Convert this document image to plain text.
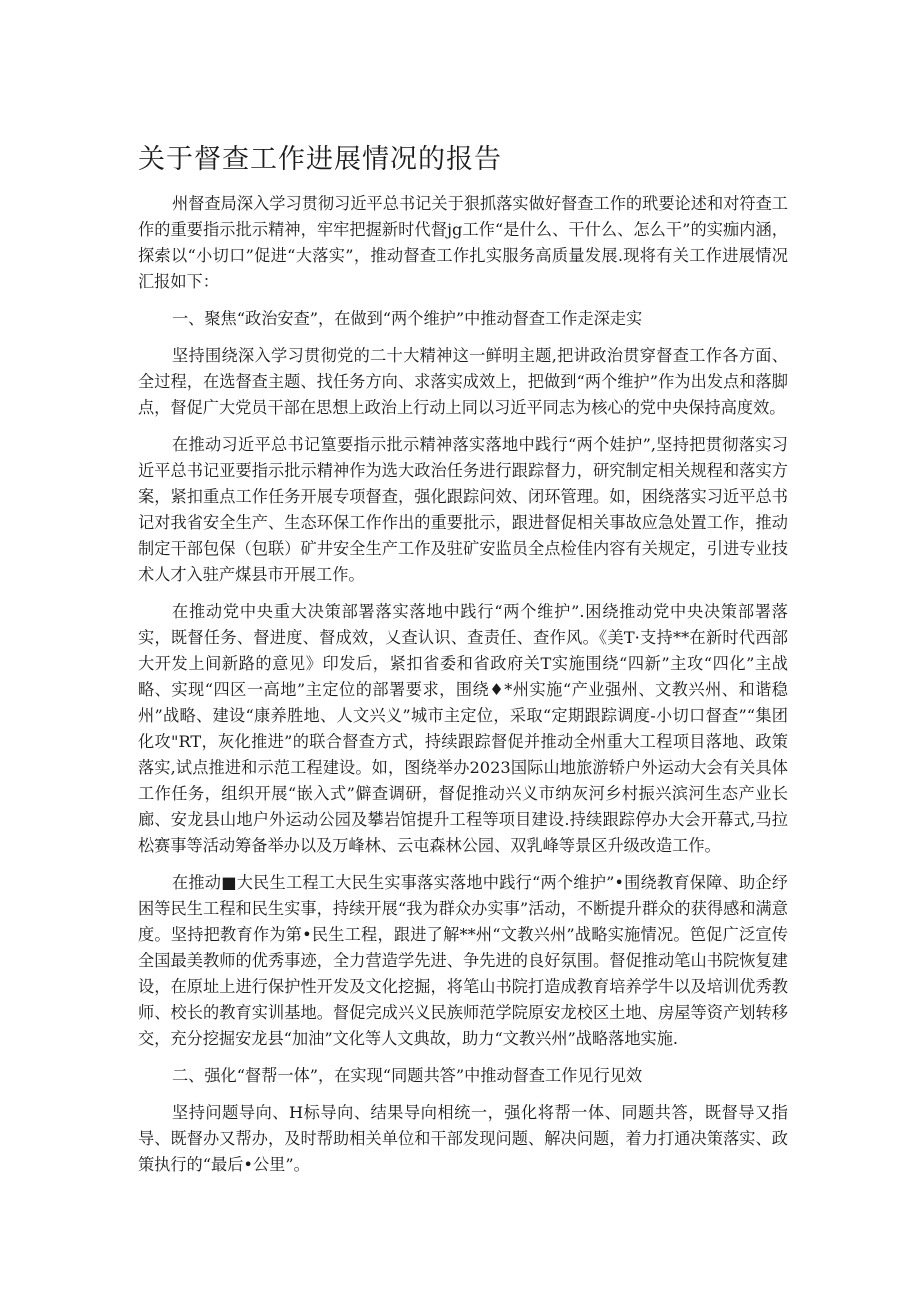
关于督查工作进展情况的报告

州督查局深入学习贯彻习近平总书记关于狠抓落实做好督查工作的玳要论述和对符查工作的重要指示批示精神，牢牢把握新时代督jg工作“是什么、干什么、怎么干”的实痂内涵，探索以“小切口”促进“大落实”，推动督查工作扎实服务高质量发展.现将有关工作进展情况汇报如下：

一、聚焦“政治安查”，在做到“两个维护”中推动督查工作走深走实

坚持围绕深入学习贯彻党的二十大精神这一鲜明主题,把讲政治贯穿督查工作各方面、全过程，在选督查主题、找任务方向、求落实成效上，把做到“两个维护”作为出发点和落脚点，督促广大党员干部在思想上政治上行动上同以习近平同志为核心的党中央保持高度效。

在推动习近平总书记篁要指示批示精神落实落地中践行“两个娃护”,坚持把贯彻落实习近平总书记亚要指示批示精神作为选大政治任务进行跟踪督力，研究制定相关规程和落实方案，紧扣重点工作任务开展专项督查，强化跟踪问效、闭环管理。如，困绕落实习近平总书记对我省安全生产、生态环保工作作出的重要批示，跟进督促相关事故应急处置工作，推动制定干部包保（包联）矿井安全生产工作及驻矿安监员全点检佳内容有关规定，引进专业技术人才入驻产煤县市开展工作。

在推动党中央重大决策部署落实落地中践行“两个维护”.困绕推动党中央决策部署落实，既督任务、督进度、督成效，乂查认识、查责任、查作风。《美T·支持**在新时代西部大开发上间新路的意见》印发后，紧扣省委和省政府关T实施围绕“四新”主攻“四化”主战略、实现“四区一高地”主定位的部署要求，围绕♦*州实施“产业强州、文教兴州、和谐稳州”战略、建设“康养胜地、人文兴义”城市主定位，采取“定期跟踪调度-小切口督查”“集团化攻"RT，灰化推进”的联合督查方式，持续跟踪督促并推动全州重大工程项目落地、政策落实,试点推进和示范工程建设。如，图绕举办2023国际山地旅游轿户外运动大会有关具体工作任务，组织开展“嵌入式”僻查调研，督促推动兴义市纳灰河乡村振兴滨河生态产业长廊、安龙县山地户外运动公园及攀岩馆提升工程等项目建设.持续跟踪停办大会开幕式,马拉松赛事等活动筹备举办以及万峰林、云屯森林公园、双乳峰等景区升级改造工作。

在推动■大民生工程工大民生实事落实落地中践行“两个维护”•围绕教育保障、助企纾困等民生工程和民生实事，持续开展“我为群众办实事”活动，不断提升群众的获得感和满意度。坚持把教育作为第•民生工程，跟进了解**州“文教兴州”战略实施情况。笆促广泛宣传全国最美教师的优秀事迹，全力营造学先进、争先进的良好氛围。督促推动笔山书院恢复建设，在原址上进行保护性开发及文化挖掘，将笔山书院打造成教育培养学牛以及培训优秀教师、校长的教育实训基地。督促完成兴义民族师范学院原安龙校区土地、房屋等资产划转移交，充分挖掘安龙县“加油”文化等人文典故，助力“文教兴州”战略落地实施.

二、强化“督帮一体”，在实现“同题共答”中推动督查工作见行见效

坚持问题导向、H标导向、结果导向相统一，强化将帮一体、同题共答，既督导又指导、既督办又帮办，及时帮助相关单位和干部发现问题、解决问题，着力打通决策落实、政策执行的“最后•公里”。
